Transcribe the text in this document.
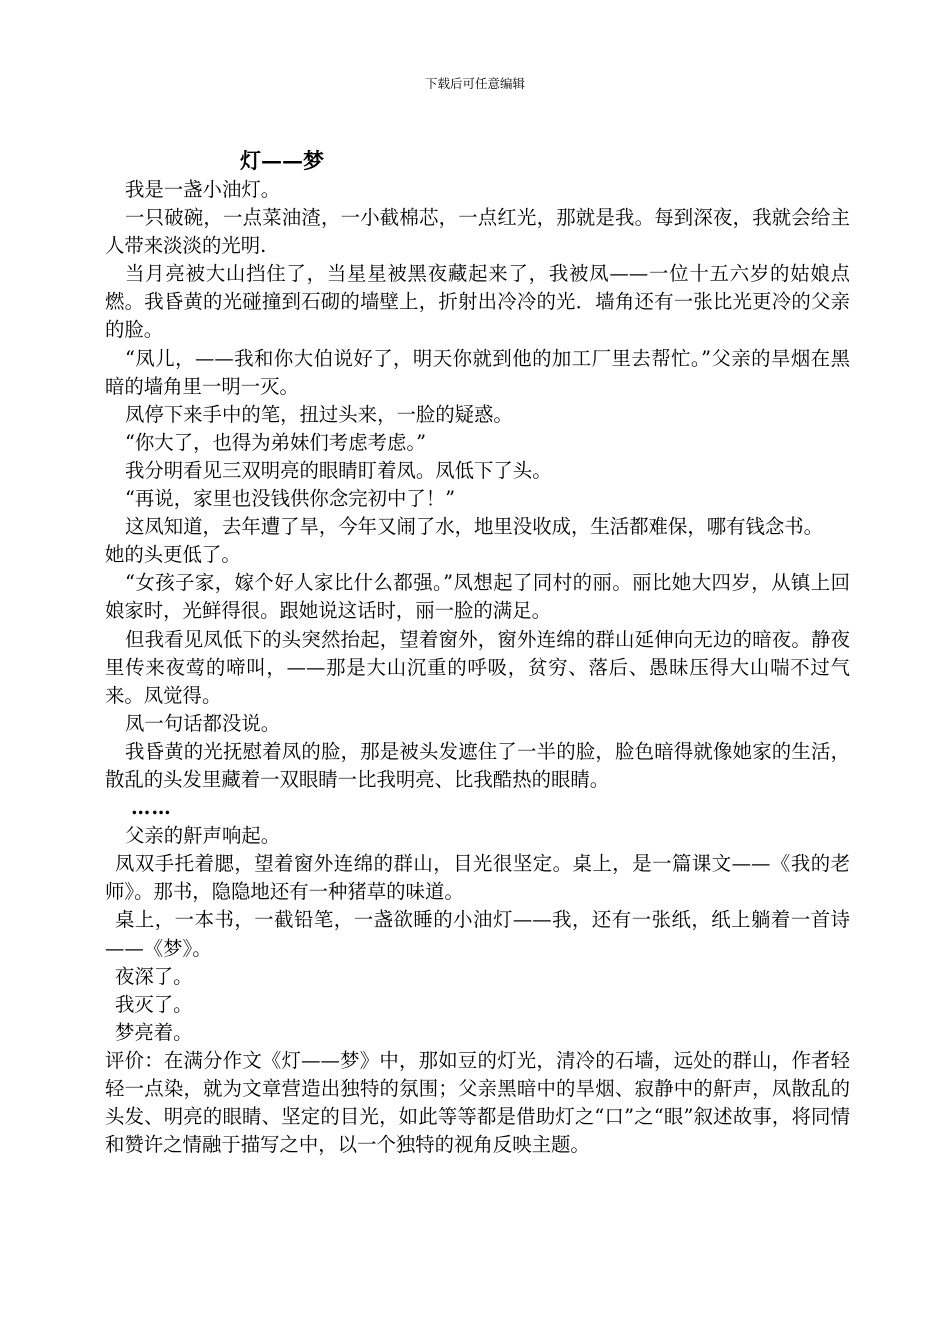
下载后可任意编辑
灯——梦

我是一盏小油灯。

一只破碗，一点菜油渣，一小截棉芯，一点红光，那就是我。每到深夜，我就会给主人带来淡淡的光明.

当月亮被大山挡住了，当星星被黑夜藏起来了，我被凤——一位十五六岁的姑娘点燃。我昏黄的光碰撞到石砌的墙壁上，折射出冷冷的光．墙角还有一张比光更冷的父亲的脸。

“凤儿，——我和你大伯说好了，明天你就到他的加工厂里去帮忙。”父亲的旱烟在黑暗的墙角里一明一灭。

凤停下来手中的笔，扭过头来，一脸的疑惑。

“你大了，也得为弟妹们考虑考虑。”

我分明看见三双明亮的眼睛盯着凤。凤低下了头。

“再说，家里也没钱供你念完初中了！”

这凤知道，去年遭了旱，今年又闹了水，地里没收成，生活都难保，哪有钱念书。

她的头更低了。

“女孩子家，嫁个好人家比什么都强。”凤想起了同村的丽。丽比她大四岁，从镇上回 娘家时，光鲜得很。跟她说这话时，丽一脸的满足。

但我看见凤低下的头突然抬起，望着窗外，窗外连绵的群山延伸向无边的暗夜。静夜里传来夜莺的啼叫，——那是大山沉重的呼吸，贫穷、落后、愚昧压得大山喘不过气来。凤觉得。

凤一句话都没说。

我昏黄的光抚慰着凤的脸，那是被头发遮住了一半的脸，脸色暗得就像她家的生活，散乱的头发里藏着一双眼睛一比我明亮、比我酷热的眼睛。

……

父亲的鼾声响起。

凤双手托着腮，望着窗外连绵的群山，目光很坚定。桌上，是一篇课文——《我的老师》。那书，隐隐地还有一种猪草的味道。

桌上，一本书，一截铅笔，一盏欲睡的小油灯——我，还有一张纸，纸上躺着一首诗——《梦》。

夜深了。

我灭了。

梦亮着。

评价：在满分作文《灯——梦》中，那如豆的灯光，清冷的石墙，远处的群山，作者轻轻一点染，就为文章营造出独特的氛围；父亲黑暗中的旱烟、寂静中的鼾声，凤散乱的头发、明亮的眼睛、坚定的目光，如此等等都是借助灯之“口”之“眼”叙述故事，将同情和赞许之情融于描写之中，以一个独特的视角反映主题。
